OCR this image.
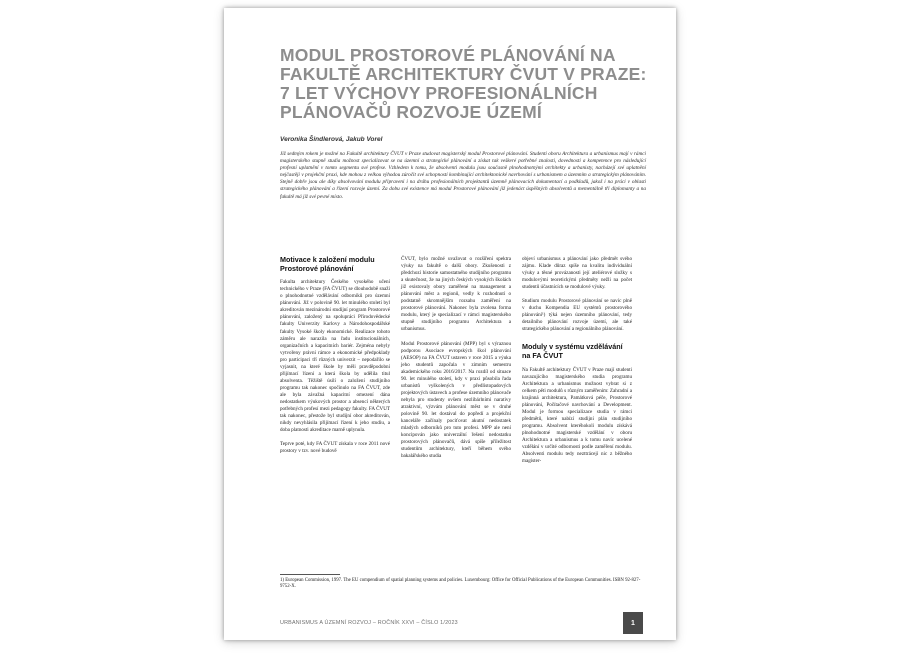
MODUL PROSTOROVÉ PLÁNOVÁNÍ NA
FAKULTĚ ARCHITEKTURY ČVUT V PRAZE:
7 LET VÝCHOVY PROFESIONÁLNÍCH
PLÁNOVAČŮ ROZVOJE ÚZEMÍ
Veronika Šindlerová, Jakub Vorel
Již sedmým rokem je možné na Fakultě architektury ČVUT v Praze studovat magisterský modul Prostorové plánování. Studenti oboru Architektura a urbanismus mají v rámci magisterského stupně studia možnost specializovat se na územní a strategické plánování a získat tak veškeré potřebné znalosti, dovednosti a kompetence pro následující profesní uplatnění v tomto segmentu své profese. Vzhledem k tomu, že absolventi modulu jsou současně plnohodnotnými architekty a urbanisty, nacházejí své uplatnění nejčastěji v projekční praxi, kde mohou z velkou výhodou zúročit své schopnosti kombinující architektonické navrhování s urbanismem a územním a strategickým plánováním. Stejně dobře jsou ale díky absolvování modulu připraveni i na dráhu profesionálních projektantů územně plánovacích dokumentací a podkladů, jakož i na práci v oblasti strategického plánování a řízení rozvoje území. Za dobu své existence má modul Prostorové plánování již jedenáct úspěšných absolventů a mementálně tři diplomanty a na fakultě má již své pevné místo.
Motivace k založení modulu Prostorové plánování
Fakulta architektury Českého vysokého učení technického v Praze (FA ČVUT) se dlouhodobě snaží o plnohodnotné vzdělávání odborníků pro územní plánování. Již v polovině 90. let minulého století byl akreditován mezinárodní studijní program Prostorové plánování, založený na spolupráci Přírodovědecké fakulty Univerzity Karlovy a Národohospodářské fakulty Vysoké školy ekonomické. Realizace tohoto záměru ale narazila na řadu institucionálních, organizačních a kapacitních bariér. Zejména nebyly vytvořeny právní rámce a ekonomické předpoklady pro participaci tří různých univerzit – nepodařilo se vyjasnit, na které škole by měli pravděpodobní přijímací řízení a která škola by udělila titul absolventa. Těžiště úsilí o založení studijního programu tak nakonec spočinulo na FA ČVUT, zde ale byla závažná kapacitní omezení dána nedostatkem výukových prostor a absencí některých potřebných profesí mezi pedagogy fakulty. FA ČVUT tak nakonec, přestože byl studijní obor akreditován, nikdy nevyhlásila přijímací řízení k jeho studiu, a doba platnosti akreditace marně uplynula.
Teprve poté, kdy FA ČVUT získala v roce 2011 nové prostory v tzv. nové budově
ČVUT, bylo možné uvažovat o rozšíření spektra výuky na fakultě o další obory. Zkušenosti z předchozí historie samostatného studijního programu a skutečnost, že na jiných českých vysokých školách již existovaly obory zaměřené na management a plánování měst a regionů, vedly k rozhodnutí o podstatně skromnějším rozsahu zaměření na prostorové plánování. Nakonec byla zvolena forma modulu, který je specializací v rámci magisterského stupně studijního programu Architektura a urbanismus.
Modul Prostorové plánování (MPP) byl s výraznou podporou Asociace evropských škol plánování (AESOP) na FA ČVUT ustaven v roce 2015 a výuka jeho studentů započala v zimním semestru akademického roku 2016/2017. Na rozdíl od situace 90. let minulého století, kdy v praxi působila řada urbanistů vyškolených v předlistopadových projektových ústavech a profese územního plánovače nebyla pro studenty ovšem nezlibárlními narativy atraktivní, výzvám plánování měst se v druhé polovině 90. let dostával do popředí a projekční kanceláře začínaly pociťovat akutní nedostatek mladých odborníků pro tuto profesi. MPP ale není koncipován jako univerzální řešení nedostatku prostorových plánovačů, dává spíše příležitost studentům architektury, kteří během svého bakalářského studia
objeví urbanismus a plánování jako předmět svého zájmu. Klade důraz spíše na kvalitu individuální výuky a těsné provázanosti její ateliérové složky s modulovými teoretickými předměty nežli na počet studentů účastnících se modulové výuky.
Studium modulu Prostorové plánování se navíc plně v duchu Kompendia EU systémů prostorového plánování¹) týká nejen územního plánování, tedy detailního plánování rozvoje území, ale také strategického plánování a regionálního plánování.
Moduly v systému vzdělávání na FA ČVUT
Na Fakultě architektury ČVUT v Praze mají studenti navazujícího magisterského studia programu Architektura a urbanismus možnost vybrat si z celkem pěti modulů s různým zaměřením: Zahradní a krajinná architektura, Památková péče, Prostorové plánování, Počítačové navrhování a Development. Modul je formou specializace studia v rámci předmětů, které nabízí studijní plán studijního programu. Absolvent kteréhokoli modulu získává plnohodnotné magisterské vzdělání v oboru Architektura a urbanismus a k tomu navíc ucelené vzdělání v určité odbornosti podle zaměření modulu. Absolventi modulu tedy nezttrácejí nic z běžného magister-
1) European Commission, 1997. The EU compendium of spatial planning systems and policies. Luxembourg: Office for Official Publications of the European Communities. ISBN 92-827-9752-X.
URBANISMUS A ÚZEMNÍ ROZVOJ – ROČNÍK XXVI – ČÍSLO 1/2023	1
